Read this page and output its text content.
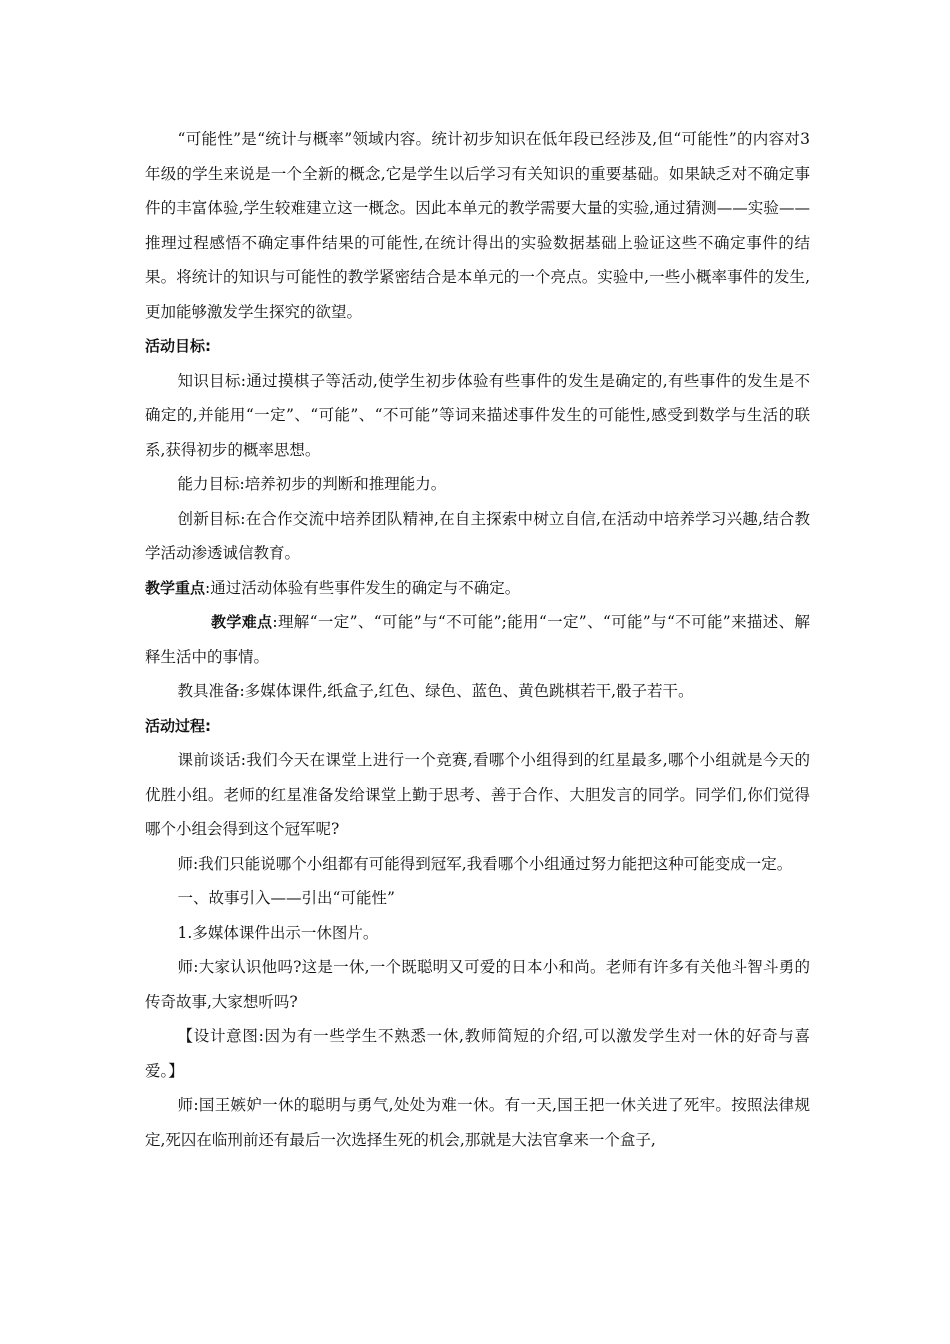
“可能性”是“统计与概率”领域内容。统计初步知识在低年段已经涉及,但“可能性”的内容对3年级的学生来说是一个全新的概念,它是学生以后学习有关知识的重要基础。如果缺乏对不确定事件的丰富体验,学生较难建立这一概念。因此本单元的教学需要大量的实验,通过猜测——实验——推理过程感悟不确定事件结果的可能性,在统计得出的实验数据基础上验证这些不确定事件的结果。将统计的知识与可能性的教学紧密结合是本单元的一个亮点。实验中,一些小概率事件的发生,更加能够激发学生探究的欲望。

活动目标:

知识目标:通过摸棋子等活动,使学生初步体验有些事件的发生是确定的,有些事件的发生是不确定的,并能用“一定”、“可能”、“不可能”等词来描述事件发生的可能性,感受到数学与生活的联系,获得初步的概率思想。

能力目标:培养初步的判断和推理能力。

创新目标:在合作交流中培养团队精神,在自主探索中树立自信,在活动中培养学习兴趣,结合教学活动渗透诚信教育。

教学重点:通过活动体验有些事件发生的确定与不确定。

教学难点:理解“一定”、“可能”与“不可能”;能用“一定”、“可能”与“不可能”来描述、解释生活中的事情。

教具准备:多媒体课件,纸盒子,红色、绿色、蓝色、黄色跳棋若干,骰子若干。

活动过程:

课前谈话:我们今天在课堂上进行一个竞赛,看哪个小组得到的红星最多,哪个小组就是今天的优胜小组。老师的红星准备发给课堂上勤于思考、善于合作、大胆发言的同学。同学们,你们觉得哪个小组会得到这个冠军呢?

师:我们只能说哪个小组都有可能得到冠军,我看哪个小组通过努力能把这种可能变成一定。

一、故事引入——引出“可能性”

1.多媒体课件出示一休图片。

师:大家认识他吗?这是一休,一个既聪明又可爱的日本小和尚。老师有许多有关他斗智斗勇的传奇故事,大家想听吗?

【设计意图:因为有一些学生不熟悉一休,教师简短的介绍,可以激发学生对一休的好奇与喜爱。】

师:国王嫉妒一休的聪明与勇气,处处为难一休。有一天,国王把一休关进了死牢。按照法律规定,死囚在临刑前还有最后一次选择生死的机会,那就是大法官拿来一个盒子,
